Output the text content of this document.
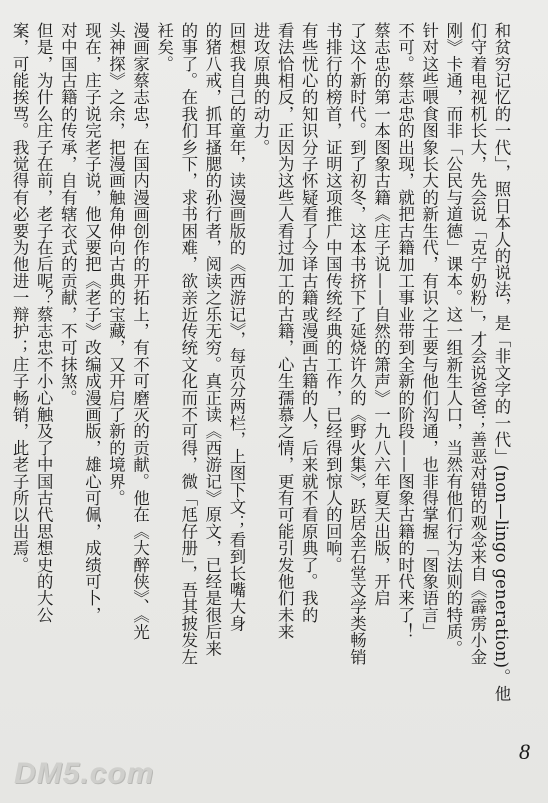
和贫穷记忆的一代」，照日本人的说法，是「非文字的一代」(non—lingo generation)。他

们守着电视机长大，先会说「克宁奶粉」，才会说爸爸；善恶对错的观念来自《霹雳小金

刚》卡通，而非「公民与道德」课本。这一组新生人口，当然有他们行为法则的特质。

针对这些喂食图象长大的新生代，有识之士要与他们沟通，也非得掌握「图象语言」

不可。蔡志忠的出现，就把古籍加工事业带到全新的阶段——图象古籍的时代来了！

蔡志忠的第一本图象古籍《庄子说——自然的箫声》一九八六年夏天出版，开启

了这个新时代。到了初冬，这本书挤下了延烧许久的《野火集》，跃居金石堂文学类畅销

书排行的榜首，证明这项推广中国传统经典的工作，已经得到惊人的回响。

有些忧心的知识分子怀疑看了今译古籍或漫画古籍的人，后来就不看原典了。我的

看法恰相反，正因为这些人看过加工的古籍，心生孺慕之情，更有可能引发他们未来

进攻原典的动力。

回想我自己的童年，读漫画版的《西游记》，每页分两栏，上图下文；看到长嘴大身

的猪八戒，抓耳搔腮的孙行者，阅读之乐无穷。真正读《西游记》原文，已经是很后来

的事了。在我们乡下，求书困难，欲亲近传统文化而不可得，微「尪仔册」，吾其披发左

衽矣。

漫画家蔡志忠，在国内漫画创作的开拓上，有不可磨灭的贡献。他在《大醉侠》、《光

头神探》之余，把漫画触角伸向古典的宝藏，又开启了新的境界。

现在，庄子说完老子说，他又要把《老子》改编成漫画版，雄心可佩，成绩可卜，

对中国古籍的传承，自有辖衣式的贡献，不可抹煞。

但是，为什么庄子在前，老子在后呢？蔡志忠不小心触及了中国古代思想史的大公

案，可能挨骂。我觉得有必要为他进一辩护；庄子畅销，此老子所以出焉。

8
DM5.com
